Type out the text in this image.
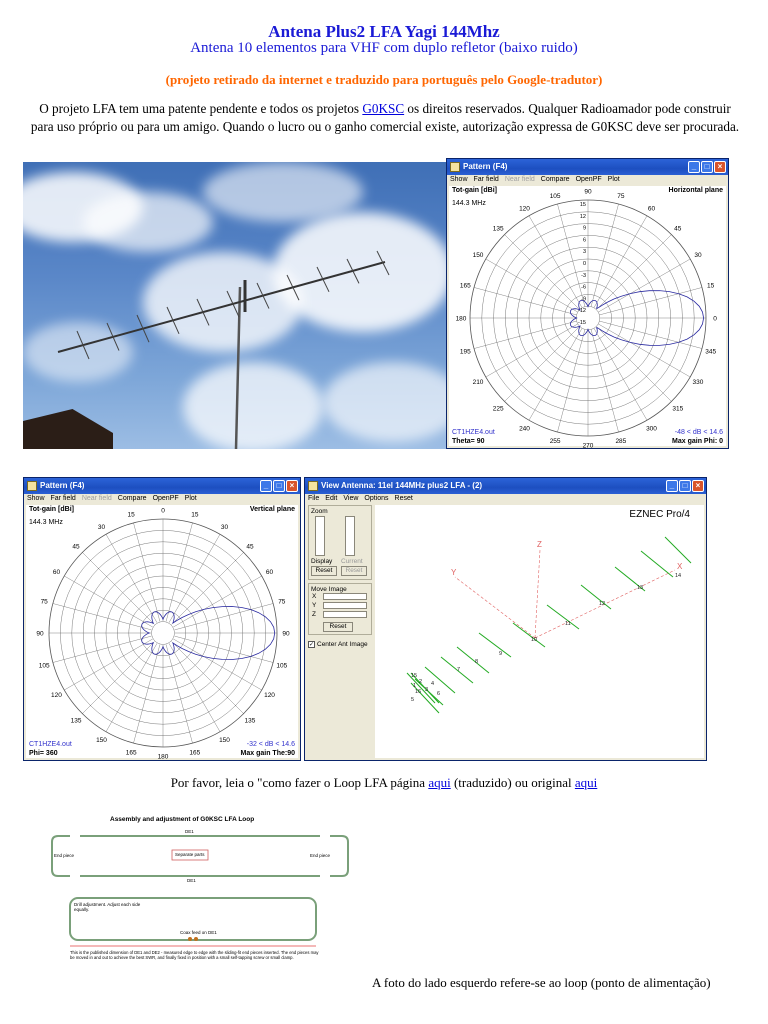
Antena Plus2 LFA Yagi 144Mhz
Antena 10 elementos para VHF com duplo refletor (baixo ruido)
(projeto retirado da internet e traduzido para português pelo Google-tradutor)
O projeto LFA tem uma patente pendente e todos os projetos G0KSC os direitos reservados. Qualquer Radioamador pode construir para uso próprio ou para um amigo. Quando o lucro ou o ganho comercial existe, autorização expressa de G0KSC deve ser procurada.
Pattern (F4)	_	□	×
Show Far field Near field Compare OpenPF Plot
Tot-gain [dBi]
144.3 MHz
Horizontal plane
90
75
60
45
30
15
0
345
330
315
300
285
270
255
240
225
210
195
180
165
150
135
120
105
15
12
9
6
3
0
-3
-6
-9
-12
-15
CT1HZE4.out
Theta= 90
-48 < dB < 14.6
Max gain Phi: 0
Pattern (F4)	_	□	×
Show Far field Near field Compare OpenPF Plot
Tot-gain [dBi]
144.3 MHz
Vertical plane
0
15
30
45
60
75
90
105
120
135
150
165
180
165
150
135
120
105
90
75
60
45
30
15
CT1HZE4.out
Phi= 360
-32 < dB < 14.6
Max gain The:90
View Antenna: 11el 144MHz plus2 LFA - (2)	_	□	×
File Edit View Options Reset
Zoom
Display Current
Reset	Reset
Move Image
X
Y
Z
Reset
✓ Center Ant Image
EZNEC Pro/4
Z
Y
X
1
2
3
4
5
6
7
8
9
10
11
12
13
14
15
16
Por favor, leia o "como fazer o Loop LFA página aqui (traduzido) ou original aqui
Assembly and adjustment of G0KSC LFA Loop
DE1
End piece	End piece
Separate parts
DE1
Drill adjustment. Adjust each side equally.
Coax feed on DE1
This is the published dimension of DE1 and DE2 - measured edge to edge with the sliding-fit end pieces inserted. The end pieces may be moved in and out to achieve the best SWR, and finally fixed in position with a small self-tapping screw or small clamp.
A foto do lado esquerdo refere-se ao loop (ponto de alimentação)
